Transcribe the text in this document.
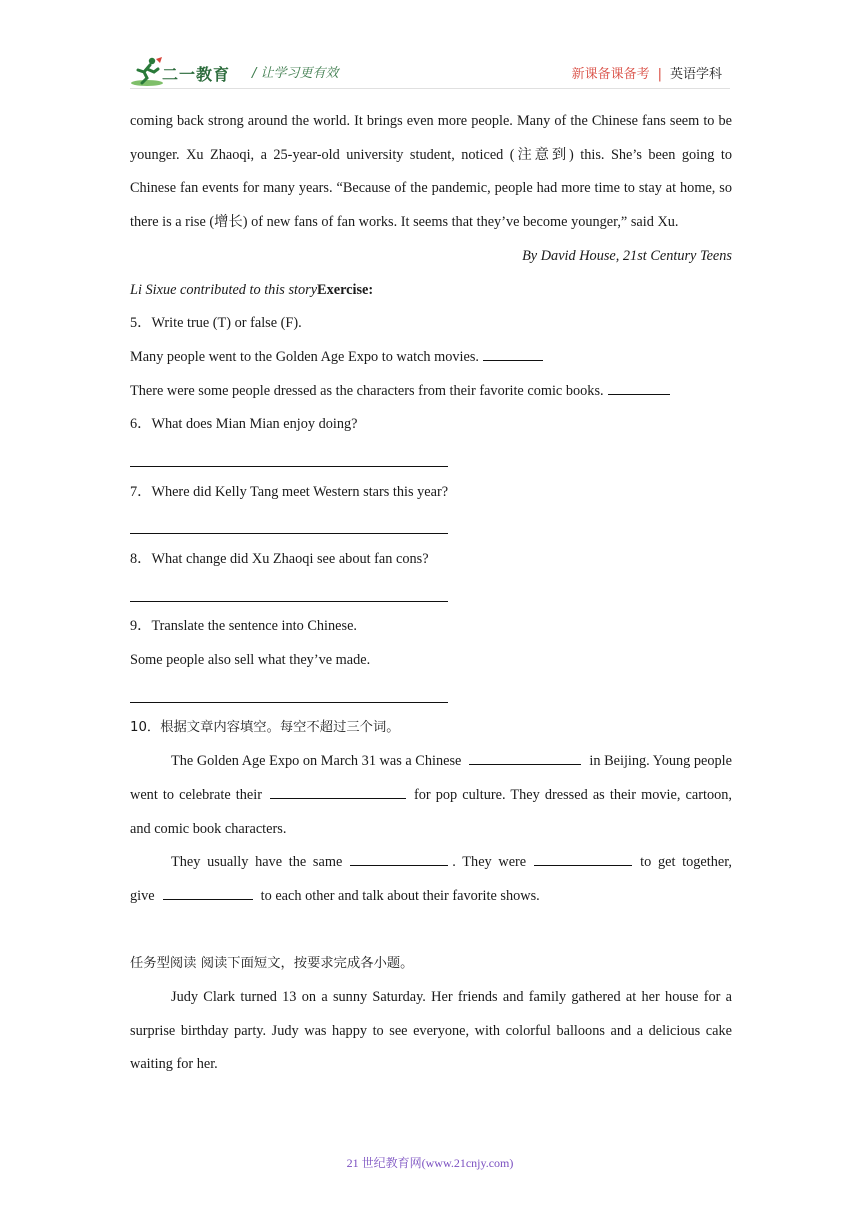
二一教育 / 让学习更有效	新课备课备考 | 英语学科

coming back strong around the world. It brings even more people. Many of the Chinese fans seem to be younger. Xu Zhaoqi, a 25-year-old university student, noticed (注意到) this. She’s been going to Chinese fan events for many years. “Because of the pandemic, people had more time to stay at home, so there is a rise (增长) of new fans of fan works. It seems that they’ve become younger,” said Xu.

By David House, 21st Century Teens

Li Sixue contributed to this storyExercise:

5．Write true (T) or false (F).

Many people went to the Golden Age Expo to watch movies.

There were some people dressed as the characters from their favorite comic books.

6．What does Mian Mian enjoy doing?

7．Where did Kelly Tang meet Western stars this year?

8．What change did Xu Zhaoqi see about fan cons?

9．Translate the sentence into Chinese.

Some people also sell what they’ve made.

10．根据文章内容填空。每空不超过三个词。

The Golden Age Expo on March 31 was a Chinese	in Beijing. Young people went to celebrate their	for pop culture. They dressed as their movie, cartoon, and comic book characters.

They usually have the same	. They were	to get together, give	to each other and talk about their favorite shows.

任务型阅读 阅读下面短文，按要求完成各小题。

Judy Clark turned 13 on a sunny Saturday. Her friends and family gathered at her house for a surprise birthday party. Judy was happy to see everyone, with colorful balloons and a delicious cake waiting for her.

21 世纪教育网(www.21cnjy.com)
